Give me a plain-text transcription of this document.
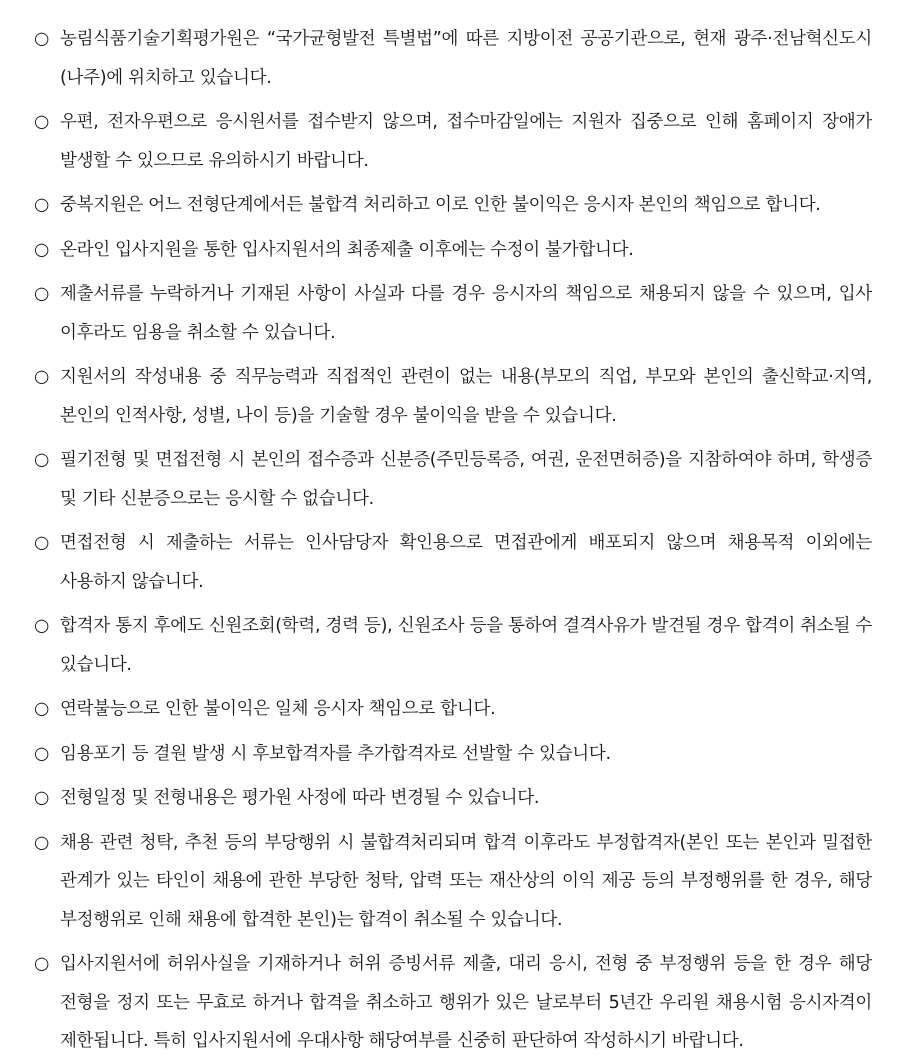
○ 농림식품기술기획평가원은 “국가균형발전 특별법”에 따른 지방이전 공공기관으로, 현재 광주·전남혁신도시(나주)에 위치하고 있습니다.
○ 우편, 전자우편으로 응시원서를 접수받지 않으며, 접수마감일에는 지원자 집중으로 인해 홈페이지 장애가 발생할 수 있으므로 유의하시기 바랍니다.
○ 중복지원은 어느 전형단계에서든 불합격 처리하고 이로 인한 불이익은 응시자 본인의 책임으로 합니다.
○ 온라인 입사지원을 통한 입사지원서의 최종제출 이후에는 수정이 불가합니다.
○ 제출서류를 누락하거나 기재된 사항이 사실과 다를 경우 응시자의 책임으로 채용되지 않을 수 있으며, 입사 이후라도 임용을 취소할 수 있습니다.
○ 지원서의 작성내용 중 직무능력과 직접적인 관련이 없는 내용(부모의 직업, 부모와 본인의 출신학교·지역, 본인의 인적사항, 성별, 나이 등)을 기술할 경우 불이익을 받을 수 있습니다.
○ 필기전형 및 면접전형 시 본인의 접수증과 신분증(주민등록증, 여권, 운전면허증)을 지참하여야 하며, 학생증 및 기타 신분증으로는 응시할 수 없습니다.
○ 면접전형 시 제출하는 서류는 인사담당자 확인용으로 면접관에게 배포되지 않으며 채용목적 이외에는 사용하지 않습니다.
○ 합격자 통지 후에도 신원조회(학력, 경력 등), 신원조사 등을 통하여 결격사유가 발견될 경우 합격이 취소될 수 있습니다.
○ 연락불능으로 인한 불이익은 일체 응시자 책임으로 합니다.
○ 임용포기 등 결원 발생 시 후보합격자를 추가합격자로 선발할 수 있습니다.
○ 전형일정 및 전형내용은 평가원 사정에 따라 변경될 수 있습니다.
○ 채용 관련 청탁, 추천 등의 부당행위 시 불합격처리되며 합격 이후라도 부정합격자(본인 또는 본인과 밀접한 관계가 있는 타인이 채용에 관한 부당한 청탁, 압력 또는 재산상의 이익 제공 등의 부정행위를 한 경우, 해당 부정행위로 인해 채용에 합격한 본인)는 합격이 취소될 수 있습니다.
○ 입사지원서에 허위사실을 기재하거나 허위 증빙서류 제출, 대리 응시, 전형 중 부정행위 등을 한 경우 해당 전형을 정지 또는 무효로 하거나 합격을 취소하고 행위가 있은 날로부터 5년간 우리원 채용시험 응시자격이 제한됩니다. 특히 입사지원서에 우대사항 해당여부를 신중히 판단하여 작성하시기 바랍니다.
